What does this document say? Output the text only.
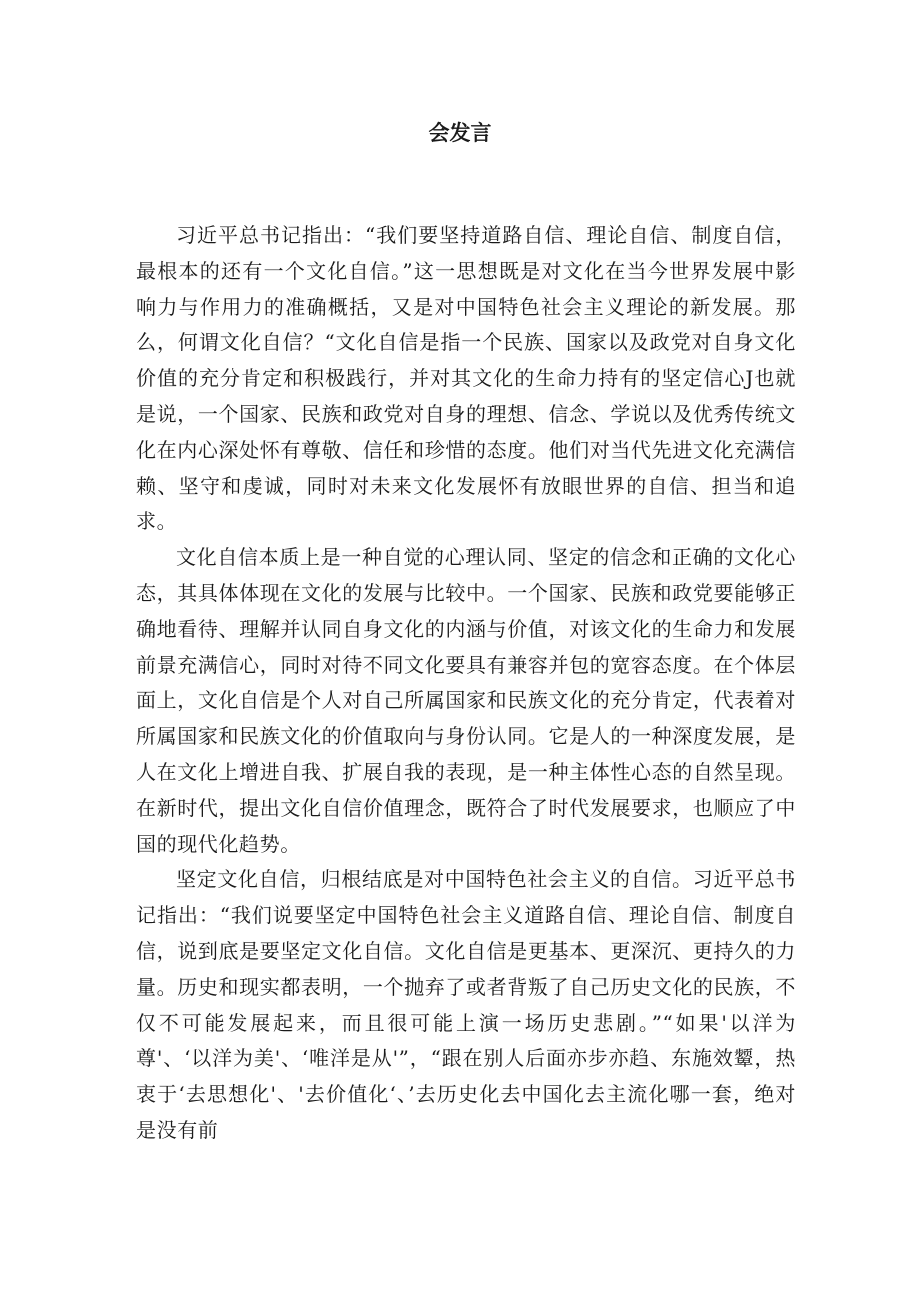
会发言

习近平总书记指出：“我们要坚持道路自信、理论自信、制度自信，最根本的还有一个文化自信。”这一思想既是对文化在当今世界发展中影响力与作用力的准确概括，又是对中国特色社会主义理论的新发展。那么，何谓文化自信？“文化自信是指一个民族、国家以及政党对自身文化价值的充分肯定和积极践行，并对其文化的生命力持有的坚定信心J也就是说，一个国家、民族和政党对自身的理想、信念、学说以及优秀传统文化在内心深处怀有尊敬、信任和珍惜的态度。他们对当代先进文化充满信赖、坚守和虔诚，同时对未来文化发展怀有放眼世界的自信、担当和追求。

文化自信本质上是一种自觉的心理认同、坚定的信念和正确的文化心态，其具体体现在文化的发展与比较中。一个国家、民族和政党要能够正确地看待、理解并认同自身文化的内涵与价值，对该文化的生命力和发展前景充满信心，同时对待不同文化要具有兼容并包的宽容态度。在个体层面上，文化自信是个人对自己所属国家和民族文化的充分肯定，代表着对所属国家和民族文化的价值取向与身份认同。它是人的一种深度发展，是人在文化上增进自我、扩展自我的表现，是一种主体性心态的自然呈现。在新时代，提出文化自信价值理念，既符合了时代发展要求，也顺应了中国的现代化趋势。

坚定文化自信，归根结底是对中国特色社会主义的自信。习近平总书记指出：“我们说要坚定中国特色社会主义道路自信、理论自信、制度自信，说到底是要坚定文化自信。文化自信是更基本、更深沉、更持久的力量。历史和现实都表明，一个抛弃了或者背叛了自己历史文化的民族，不仅不可能发展起来，而且很可能上演一场历史悲剧。”“如果'以洋为尊'、‘以洋为美'、‘唯洋是从'”，“跟在别人后面亦步亦趋、东施效颦，热衷于‘去思想化'、'去价值化‘、’去历史化去中国化去主流化哪一套，绝对是没有前
